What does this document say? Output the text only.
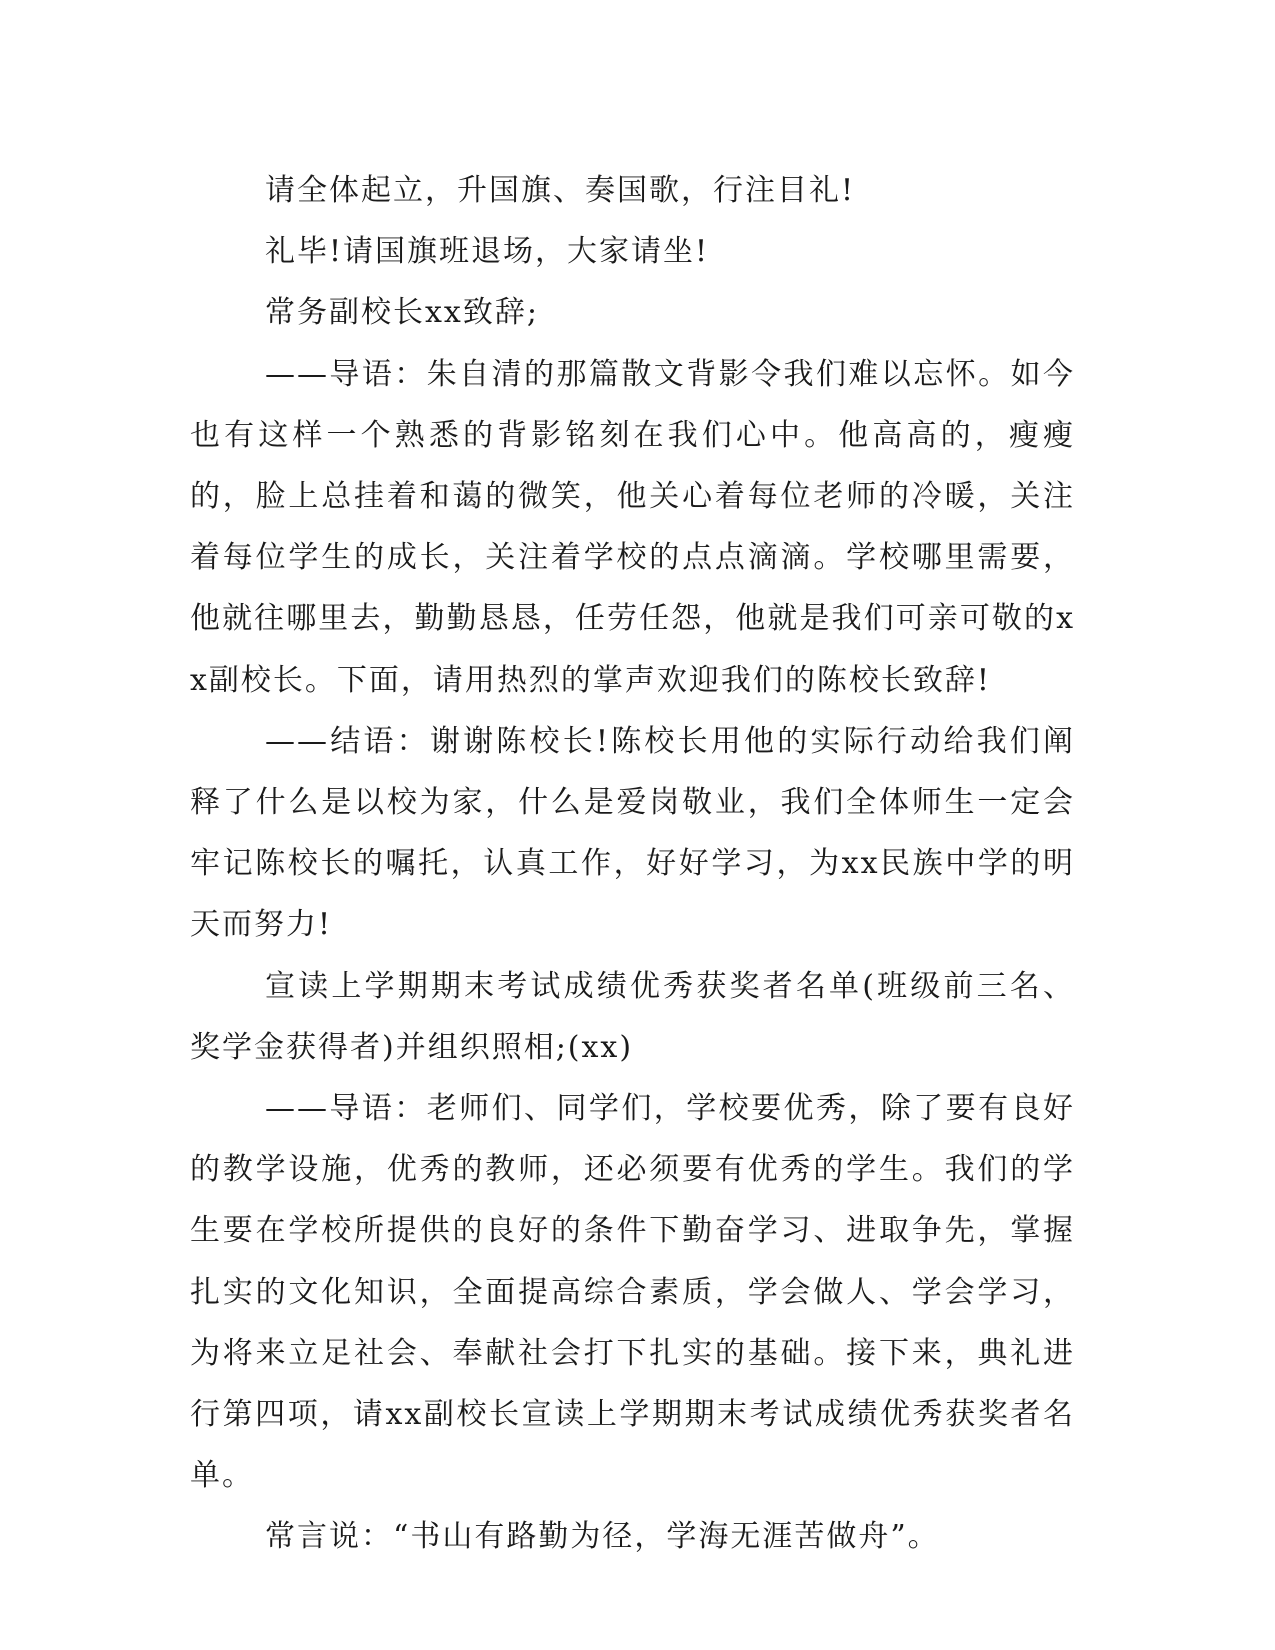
请全体起立，升国旗、奏国歌，行注目礼!

礼毕!请国旗班退场，大家请坐!

常务副校长xx致辞;

——导语：朱自清的那篇散文背影令我们难以忘怀。如今也有这样一个熟悉的背影铭刻在我们心中。他高高的，瘦瘦的，脸上总挂着和蔼的微笑，他关心着每位老师的冷暖，关注着每位学生的成长，关注着学校的点点滴滴。学校哪里需要，他就往哪里去，勤勤恳恳，任劳任怨，他就是我们可亲可敬的xx副校长。下面，请用热烈的掌声欢迎我们的陈校长致辞!

——结语：谢谢陈校长!陈校长用他的实际行动给我们阐释了什么是以校为家，什么是爱岗敬业，我们全体师生一定会牢记陈校长的嘱托，认真工作，好好学习，为xx民族中学的明天而努力!

宣读上学期期末考试成绩优秀获奖者名单(班级前三名、奖学金获得者)并组织照相;(xx)

——导语：老师们、同学们，学校要优秀，除了要有良好的教学设施，优秀的教师，还必须要有优秀的学生。我们的学生要在学校所提供的良好的条件下勤奋学习、进取争先，掌握扎实的文化知识，全面提高综合素质，学会做人、学会学习，为将来立足社会、奉献社会打下扎实的基础。接下来，典礼进行第四项，请xx副校长宣读上学期期末考试成绩优秀获奖者名单。

常言说：“书山有路勤为径，学海无涯苦做舟”。
